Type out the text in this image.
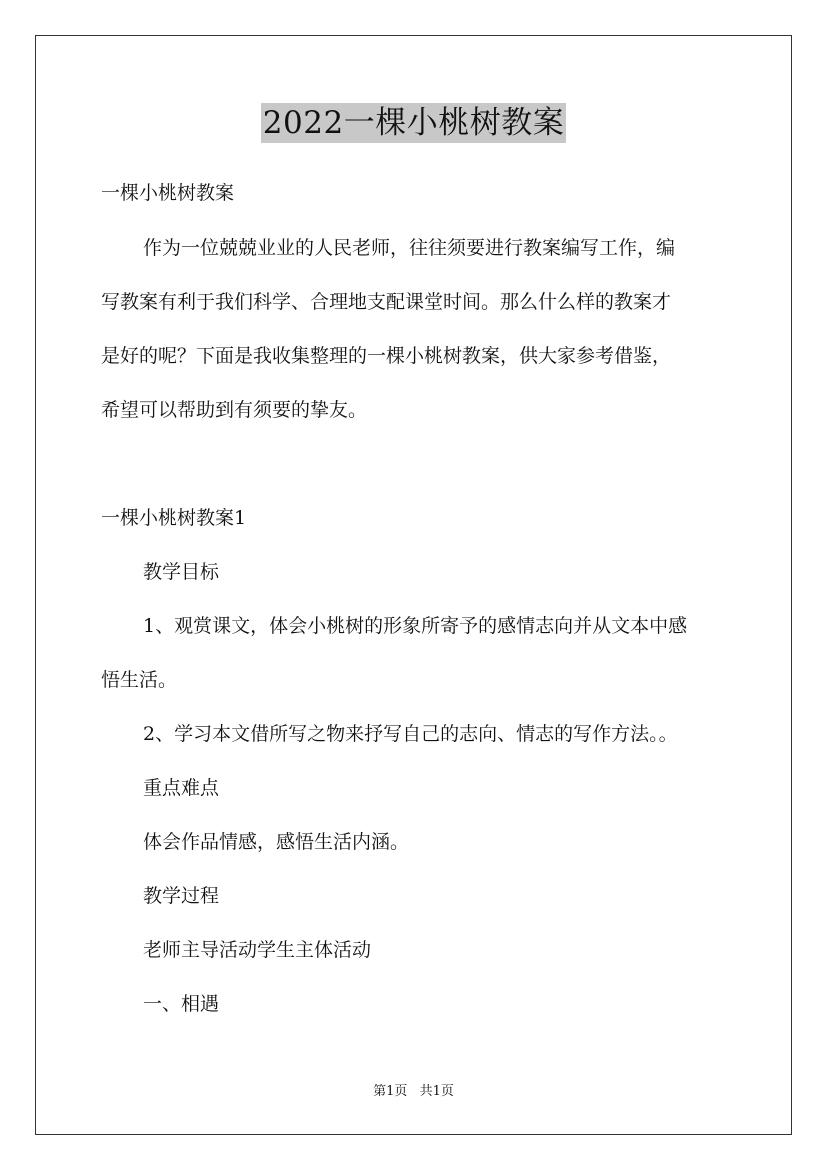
2022一棵小桃树教案
一棵小桃树教案
作为一位兢兢业业的人民老师，往往须要进行教案编写工作，编
写教案有利于我们科学、合理地支配课堂时间。那么什么样的教案才
是好的呢？下面是我收集整理的一棵小桃树教案，供大家参考借鉴，
希望可以帮助到有须要的挚友。
一棵小桃树教案1
教学目标
1、观赏课文，体会小桃树的形象所寄予的感情志向并从文本中感
悟生活。
2、学习本文借所写之物来抒写自己的志向、情志的写作方法。。
重点难点
体会作品情感，感悟生活内涵。
教学过程
老师主导活动学生主体活动
一、相遇
第1页 共1页
